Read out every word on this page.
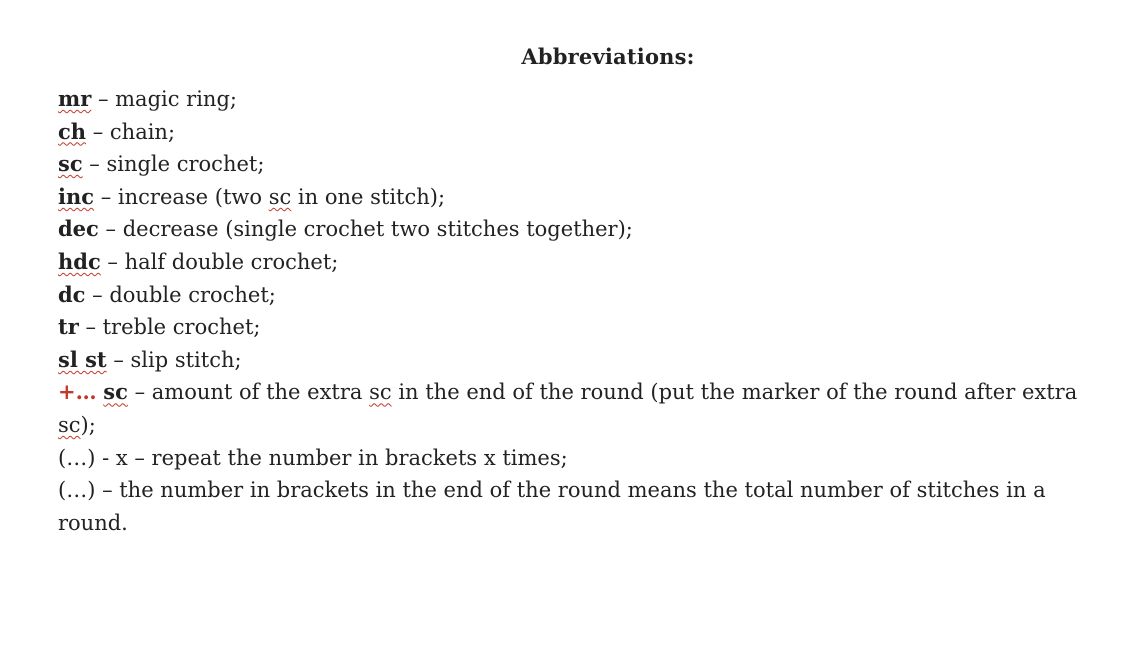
Abbreviations:
mr – magic ring;
ch – chain;
sc – single crochet;
inc – increase (two sc in one stitch);
dec – decrease (single crochet two stitches together);
hdc – half double crochet;
dc – double crochet;
tr – treble crochet;
sl st – slip stitch;
+… sc – amount of the extra sc in the end of the round (put the marker of the round after extra sc);
(…) - x – repeat the number in brackets x times;
(…) – the number in brackets in the end of the round means the total number of stitches in a round.
